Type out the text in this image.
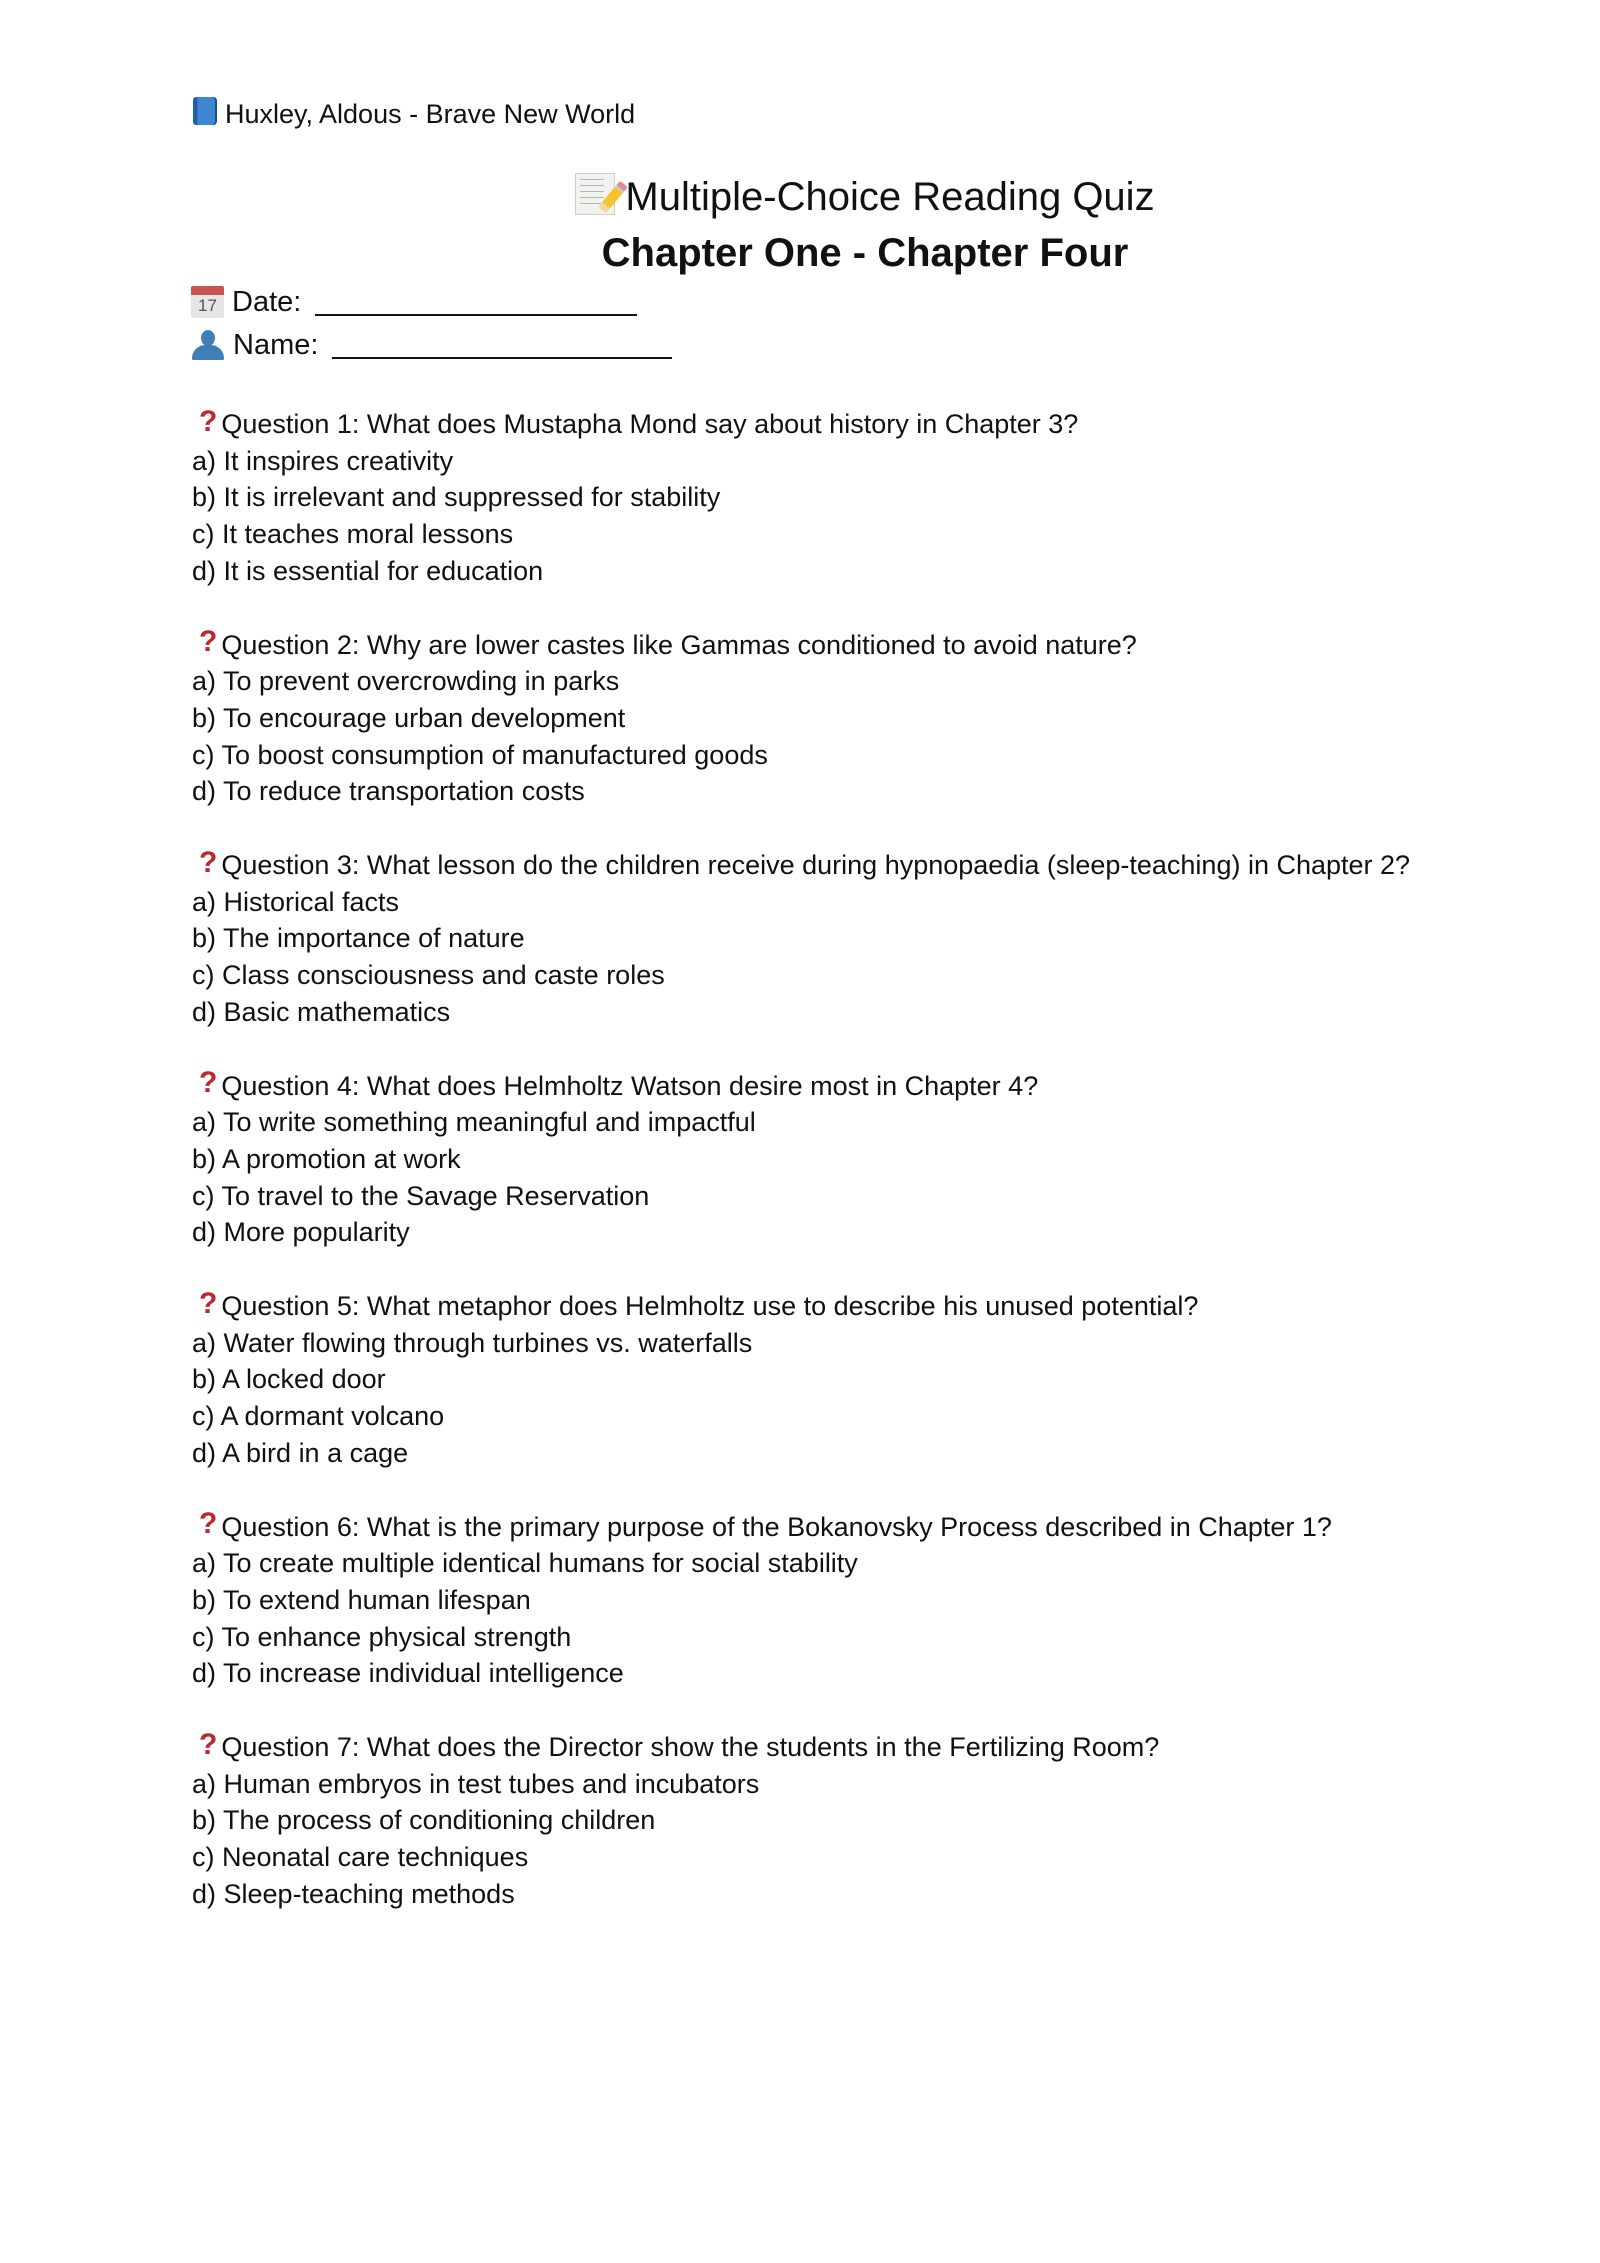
Huxley, Aldous - Brave New World
Multiple-Choice Reading Quiz
Chapter One - Chapter Four
17 Date:
Name:
? Question 1: What does Mustapha Mond say about history in Chapter 3?
a) It inspires creativity
b) It is irrelevant and suppressed for stability
c) It teaches moral lessons
d) It is essential for education
? Question 2: Why are lower castes like Gammas conditioned to avoid nature?
a) To prevent overcrowding in parks
b) To encourage urban development
c) To boost consumption of manufactured goods
d) To reduce transportation costs
? Question 3: What lesson do the children receive during hypnopaedia (sleep-teaching) in Chapter 2?
a) Historical facts
b) The importance of nature
c) Class consciousness and caste roles
d) Basic mathematics
? Question 4: What does Helmholtz Watson desire most in Chapter 4?
a) To write something meaningful and impactful
b) A promotion at work
c) To travel to the Savage Reservation
d) More popularity
? Question 5: What metaphor does Helmholtz use to describe his unused potential?
a) Water flowing through turbines vs. waterfalls
b) A locked door
c) A dormant volcano
d) A bird in a cage
? Question 6: What is the primary purpose of the Bokanovsky Process described in Chapter 1?
a) To create multiple identical humans for social stability
b) To extend human lifespan
c) To enhance physical strength
d) To increase individual intelligence
? Question 7: What does the Director show the students in the Fertilizing Room?
a) Human embryos in test tubes and incubators
b) The process of conditioning children
c) Neonatal care techniques
d) Sleep-teaching methods
